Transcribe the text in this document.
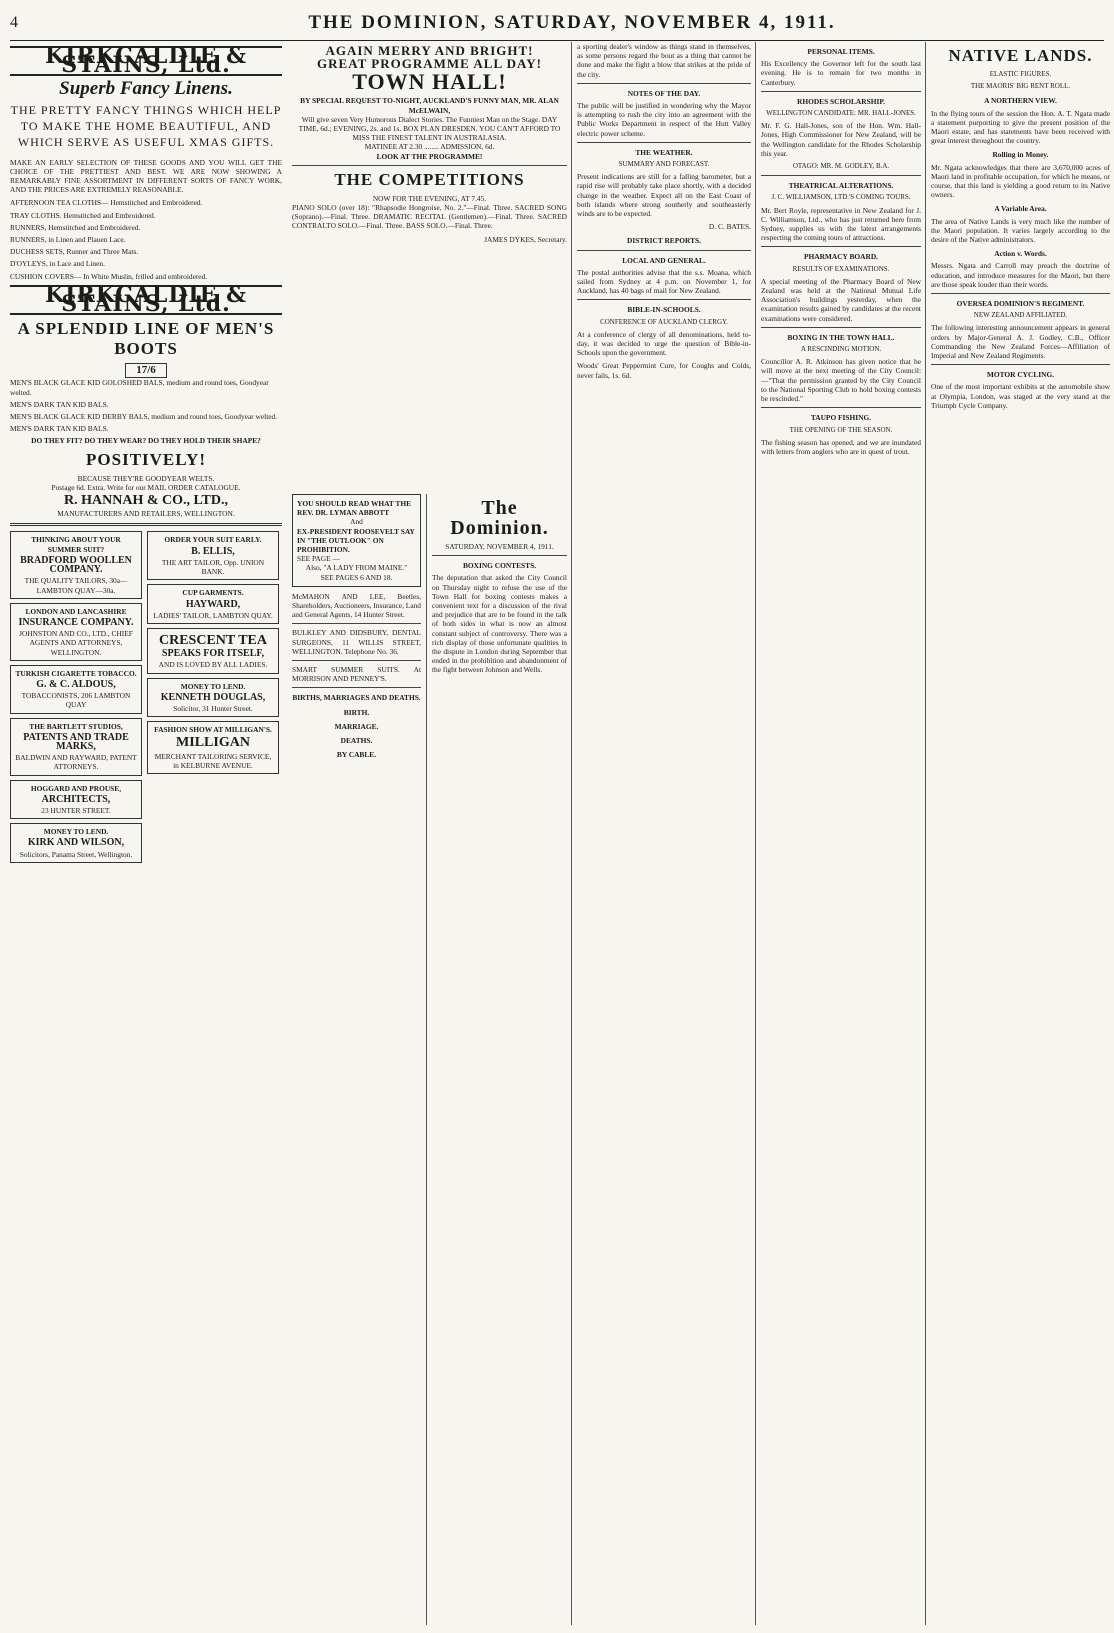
4	THE DOMINION, SATURDAY, NOVEMBER 4, 1911.
KIRKCALDIE & STAINS, Ltd.
Superb Fancy Linens.
THE PRETTY FANCY THINGS WHICH HELP TO MAKE THE HOME BEAUTIFUL, AND WHICH SERVE AS USEFUL XMAS GIFTS.
MAKE AN EARLY SELECTION OF THESE GOODS AND YOU WILL GET THE CHOICE OF THE PRETTIEST AND BEST. WE ARE NOW SHOWING A REMARKABLY FINE ASSORTMENT IN DIFFERENT SORTS OF FANCY WORK, AND THE PRICES ARE EXTREMELY REASONABLE.
AFTERNOON TEA CLOTHS— Hemstitched and Embroidered.
TRAY CLOTHS. Hemstitched and Embroidered.
RUNNERS, Hemstitched and Embroidered.
RUNNERS, in Linen and Plauen Lace.
DUCHESS SETS, Runner and Three Mats.
D'OYLEYS, in Lace and Linen.
CUSHION COVERS— In White Muslin, frilled and embroidered.
KIRKCALDIE & STAINS, Ltd.
A SPLENDID LINE OF MEN'S BOOTS
17/6
MEN'S BLACK GLACE KID GOLOSHED BALS, medium and round toes, Goodyear welted.
MEN'S DARK TAN KID BALS.
MEN'S BLACK GLACE KID DERBY BALS, medium and round toes, Goodyear welted.
MEN'S DARK TAN KID BALS.
DO THEY FIT? DO THEY WEAR? DO THEY HOLD THEIR SHAPE?
POSITIVELY!
BECAUSE THEY'RE GOODYEAR WELTS.
Postage 6d. Extra. Write for our MAIL ORDER CATALOGUE.
R. HANNAH & CO., LTD.,
MANUFACTURERS AND RETAILERS, WELLINGTON.
THINKING ABOUT YOUR SUMMER SUIT?
BRADFORD WOOLLEN COMPANY.
THE QUALITY TAILORS, 30a—LAMBTON QUAY—30a.
LONDON AND LANCASHIRE
INSURANCE COMPANY.
JOHNSTON AND CO., LTD., CHIEF AGENTS AND ATTORNEYS, WELLINGTON.
TURKISH CIGARETTE TOBACCO.
G. & C. ALDOUS,
TOBACCONISTS, 206 LAMBTON QUAY
THE BARTLETT STUDIOS,
PATENTS AND TRADE MARKS,
BALDWIN AND RAYWARD, PATENT ATTORNEYS.
HOGGARD AND PROUSE,
ARCHITECTS,
23 HUNTER STREET.
MONEY TO LEND.
KIRK AND WILSON,
Solicitors, Panama Street, Wellington.
ORDER YOUR SUIT EARLY.
B. ELLIS,
THE ART TAILOR, Opp. UNION BANK.
CUP GARMENTS.
HAYWARD,
LADIES' TAILOR, LAMBTON QUAY.
CRESCENT TEA
SPEAKS FOR ITSELF,
AND IS LOVED BY ALL LADIES.
MONEY TO LEND.
KENNETH DOUGLAS,
Solicitor, 31 Hunter Street.
FASHION SHOW AT MILLIGAN'S.
MILLIGAN
MERCHANT TAILORING SERVICE, in KELBURNE AVENUE.
AGAIN MERRY AND BRIGHT!
GREAT PROGRAMME ALL DAY!
TOWN HALL!
BY SPECIAL REQUEST TO-NIGHT, AUCKLAND'S FUNNY MAN, MR. ALAN McELWAIN,
Will give seven Very Humorous Dialect Stories. The Funniest Man on the Stage. DAY TIME, 6d.; EVENING, 2s. and 1s. BOX PLAN DRESDEN. YOU CAN'T AFFORD TO MISS THE FINEST TALENT IN AUSTRALASIA.
MATINEE AT 2.30 ........ ADMISSION, 6d.
LOOK AT THE PROGRAMME!
THE COMPETITIONS
NOW FOR THE EVENING, AT 7.45.
PIANO SOLO (over 18): "Rhapsodie Hongroise, No. 2."—Final. Three. SACRED SONG (Soprano).—Final. Three. DRAMATIC RECITAL (Gentlemen).—Final. Three. SACRED CONTRALTO SOLO.—Final. Three. BASS SOLO.—Final. Three.
JAMES DYKES, Secretary.
YOU SHOULD READ WHAT THE REV. DR. LYMAN ABBOTT
And
EX-PRESIDENT ROOSEVELT SAY IN "THE OUTLOOK" ON PROHIBITION.
SEE PAGE —
Also, "A LADY FROM MAINE."
SEE PAGES 6 AND 18.
McMAHON AND LEE, Beetles, Shareholders, Auctioneers, Insurance, Land and General Agents, 14 Hunter Street.
BULKLEY AND DIDSBURY, DENTAL SURGEONS, 11 WILLIS STREET, WELLINGTON. Telephone No. 36.
SMART SUMMER SUITS. At MORRISON AND PENNEY'S.
BIRTHS, MARRIAGES AND DEATHS.
BIRTH.
MARRIAGE.
DEATHS.
BY CABLE.
The Dominion.
SATURDAY, NOVEMBER 4, 1911.
BOXING CONTESTS.
The deputation that asked the City Council on Thursday night to refuse the use of the Town Hall for boxing contests makes a convenient text for a discussion of the rival and prejudice that are to be found in the talk of both sides in what is now an almost constant subject of controversy. There was a rich display of those unfortunate qualities in the dispute in London during September that ended in the prohibition and abandonment of the fight between Johnson and Wells.
a sporting dealer's window as things stand in themselves, as some persons regard the bout as a thing that cannot be done and make the fight a blow that strikes at the pride of the city.
NOTES OF THE DAY.
The public will be justified in wondering why the Mayor is attempting to rush the city into an agreement with the Public Works Department in respect of the Hutt Valley electric power scheme.
THE WEATHER.
SUMMARY AND FORECAST.
Present indications are still for a falling barometer, but a rapid rise will probably take place shortly, with a decided change in the weather. Expect all on the East Coast of both islands where strong southerly and southeasterly winds are to be expected.
D. C. BATES.
DISTRICT REPORTS.
LOCAL AND GENERAL.
The postal authorities advise that the s.s. Moana, which sailed from Sydney at 4 p.m. on November 1, for Auckland, has 40 bags of mail for New Zealand.
BIBLE-IN-SCHOOLS.
CONFERENCE OF AUCKLAND CLERGY.
At a conference of clergy of all denominations, held to-day, it was decided to urge the question of Bible-in-Schools upon the government.
Woods' Great Peppermint Cure, for Coughs and Colds, never fails, 1s. 6d.
PERSONAL ITEMS.
His Excellency the Governor left for the south last evening. He is to remain for two months in Canterbury.
RHODES SCHOLARSHIP.
WELLINGTON CANDIDATE: MR. HALL-JONES.
Mr. F. G. Hall-Jones, son of the Hon. Wm. Hall-Jones, High Commissioner for New Zealand, will be the Wellington candidate for the Rhodes Scholarship this year.
OTAGO: MR. M. GODLEY, B.A.
THEATRICAL ALTERATIONS.
J. C. WILLIAMSON, LTD.'S COMING TOURS.
Mr. Bert Royle, representative in New Zealand for J. C. Williamson, Ltd., who has just returned here from Sydney, supplies us with the latest arrangements respecting the coming tours of attractions.
PHARMACY BOARD.
RESULTS OF EXAMINATIONS.
A special meeting of the Pharmacy Board of New Zealand was held at the National Mutual Life Association's buildings yesterday, when the examination results gained by candidates at the recent examinations were considered.
BOXING IN THE TOWN HALL.
A RESCINDING MOTION.
Councillor A. R. Atkinson has given notice that he will move at the next meeting of the City Council:—"That the permission granted by the City Council to the National Sporting Club to hold boxing contests be rescinded."
TAUPO FISHING.
THE OPENING OF THE SEASON.
The fishing season has opened, and we are inundated with letters from anglers who are in quest of trout.
NATIVE LANDS.
ELASTIC FIGURES.
THE MAORIS' BIG RENT ROLL.
A NORTHERN VIEW.
In the flying tours of the session the Hon. A. T. Ngata made a statement purporting to give the present position of the Maori estate, and has statements have been received with great interest throughout the country.
Rolling in Money.
Mr. Ngata acknowledges that there are 3,670,000 acres of Maori land in profitable occupation, for which he means, or course, that this land is yielding a good return to its Native owners.
A Variable Area.
The area of Native Lands is very much like the number of the Maori population. It varies largely according to the desire of the Native administrators.
Action v. Words.
Messrs. Ngata and Carroll may preach the doctrine of education, and introduce measures for the Maori, but there are those speak louder than their words.
OVERSEA DOMINION'S REGIMENT.
NEW ZEALAND AFFILIATED.
The following interesting announcement appears in general orders by Major-General A. J. Godley, C.B., Officer Commanding the New Zealand Forces—Affiliation of Imperial and New Zealand Regiments.
MOTOR CYCLING.
One of the most important exhibits at the automobile show at Olympia, London, was staged at the very stand at the Triumph Cycle Company.
